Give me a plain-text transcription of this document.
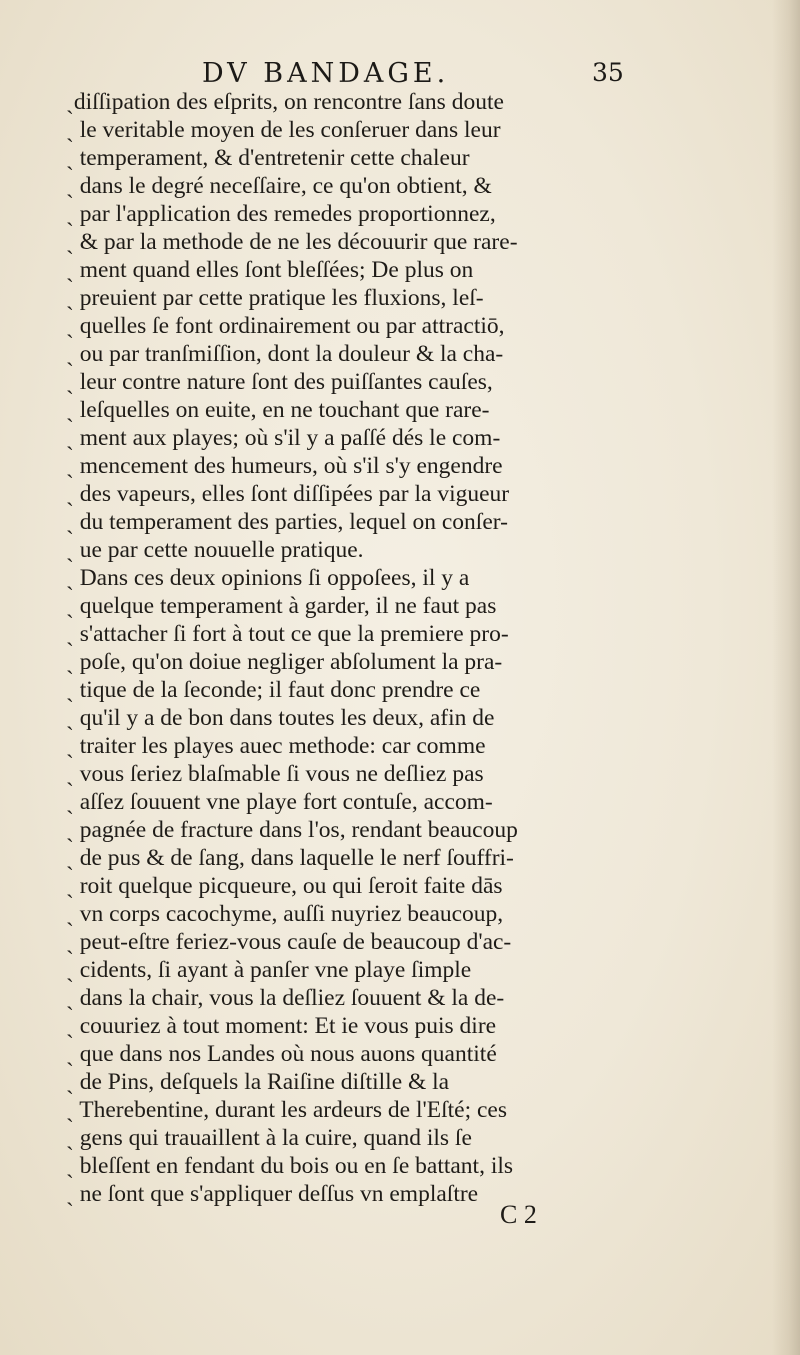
DV BANDAGE.	35
ˏdiſſipation des eſprits, on rencontre ſans doute
ˏ le veritable moyen de les conſeruer dans leur
ˏ temperament, & d'entretenir cette chaleur
ˏ dans le degré neceſſaire, ce qu'on obtient, &
ˏ par l'application des remedes proportionnez,
ˏ & par la methode de ne les découurir que rare-
ˏ ment quand elles ſont bleſſées; De plus on
ˏ preuient par cette pratique les fluxions, leſ-
ˏ quelles ſe font ordinairement ou par attractiō,
ˏ ou par tranſmiſſion, dont la douleur & la cha-
ˏ leur contre nature ſont des puiſſantes cauſes,
ˏ leſquelles on euite, en ne touchant que rare-
ˏ ment aux playes; où s'il y a paſſé dés le com-
ˏ mencement des humeurs, où s'il s'y engendre
ˏ des vapeurs, elles ſont diſſipées par la vigueur
ˏ du temperament des parties, lequel on conſer-
ˏ ue par cette nouuelle pratique.
ˏ Dans ces deux opinions ſi oppoſees, il y a
ˏ quelque temperament à garder, il ne faut pas
ˏ s'attacher ſi fort à tout ce que la premiere pro-
ˏ poſe, qu'on doiue negliger abſolument la pra-
ˏ tique de la ſeconde; il faut donc prendre ce
ˏ qu'il y a de bon dans toutes les deux, afin de
ˏ traiter les playes auec methode: car comme
ˏ vous ſeriez blaſmable ſi vous ne deſliez pas
ˏ aſſez ſouuent vne playe fort contuſe, accom-
ˏ pagnée de fracture dans l'os, rendant beaucoup
ˏ de pus & de ſang, dans laquelle le nerf ſouffri-
ˏ roit quelque picqueure, ou qui ſeroit faite dās
ˏ vn corps cacochyme, auſſi nuyriez beaucoup,
ˏ peut-eſtre feriez-vous cauſe de beaucoup d'ac-
ˏ cidents, ſi ayant à panſer vne playe ſimple
ˏ dans la chair, vous la deſliez ſouuent & la de-
ˏ couuriez à tout moment: Et ie vous puis dire
ˏ que dans nos Landes où nous auons quantité
ˏ de Pins, deſquels la Raiſine diſtille & la
ˏ Therebentine, durant les ardeurs de l'Eſté; ces
ˏ gens qui trauaillent à la cuire, quand ils ſe
ˏ bleſſent en fendant du bois ou en ſe battant, ils
ˏ ne ſont que s'appliquer deſſus vn emplaſtre
C 2
